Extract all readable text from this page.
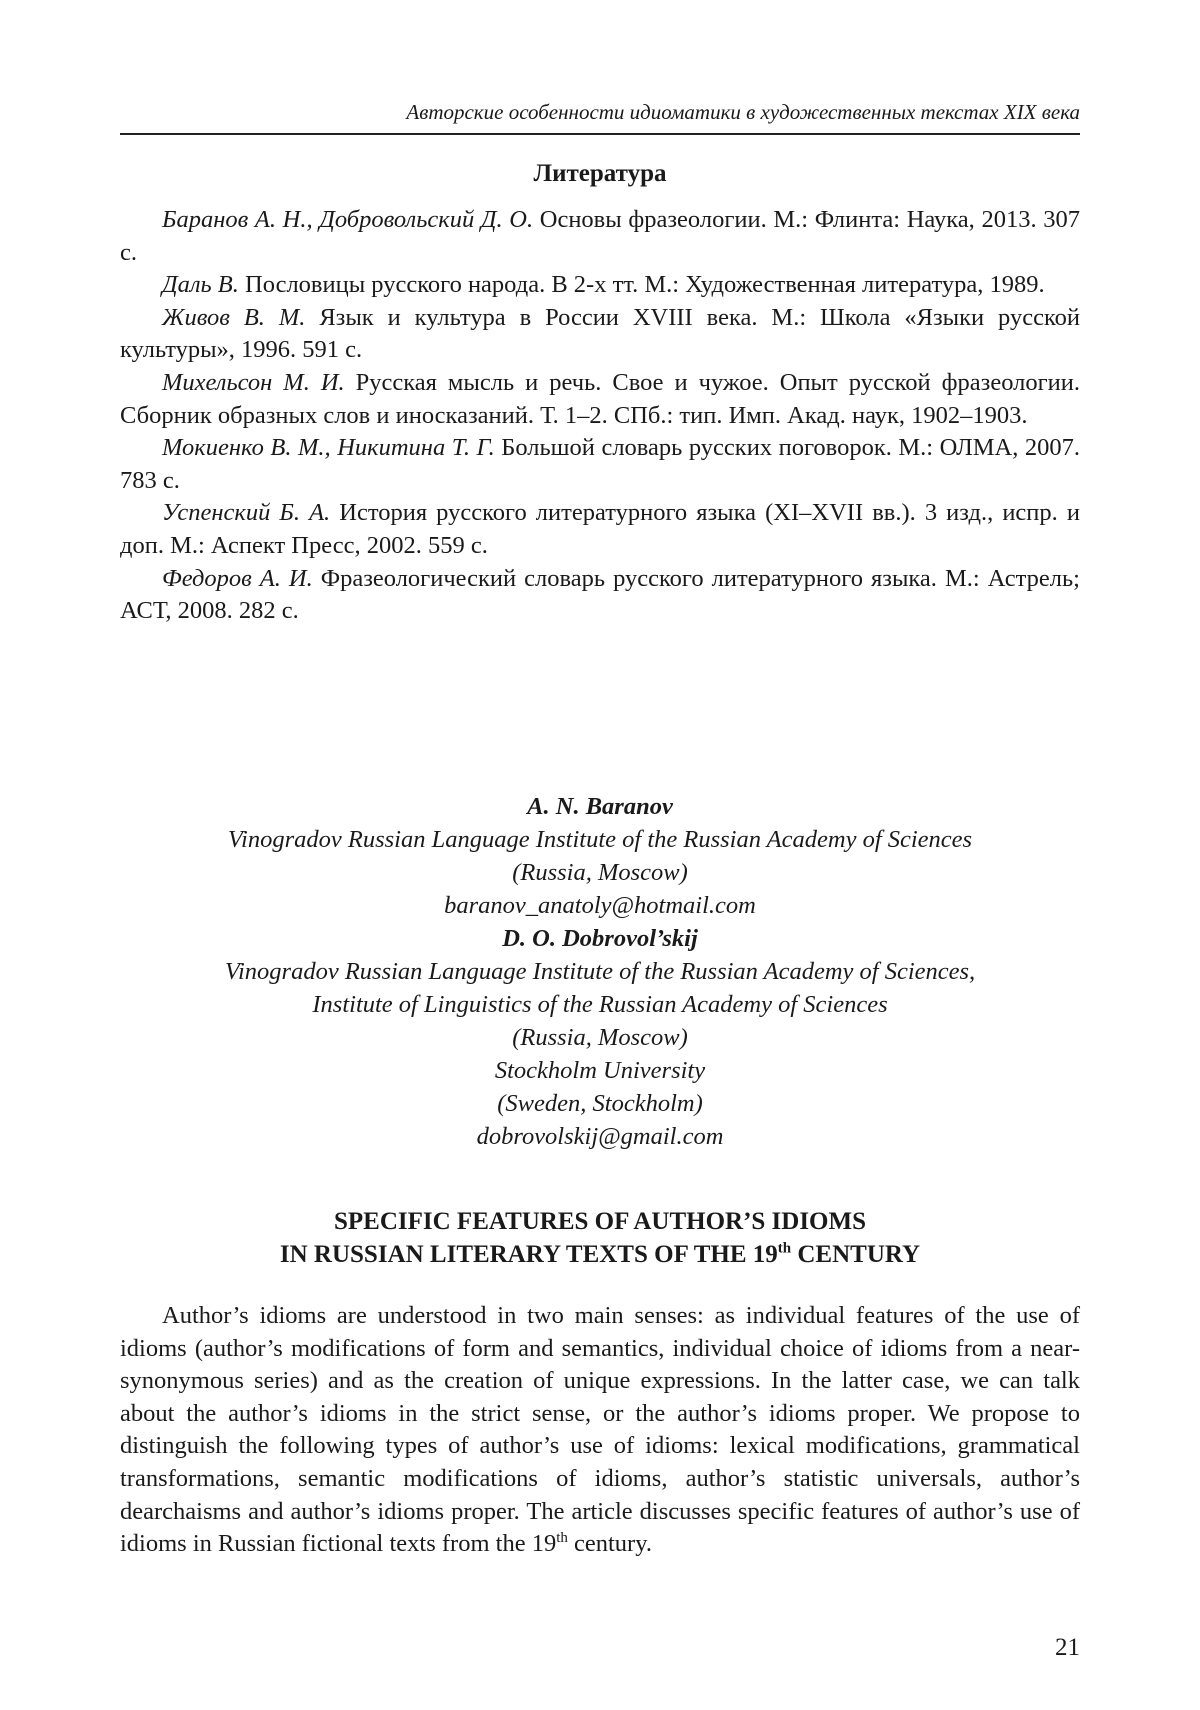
Авторские особенности идиоматики в художественных текстах XIX века
Литература

Баранов А. Н., Добровольский Д. О. Основы фразеологии. М.: Флинта: Наука, 2013. 307 с.

Даль В. Пословицы русского народа. В 2-х тт. М.: Художественная литература, 1989.

Живов В. М. Язык и культура в России XVIII века. М.: Школа «Языки русской культуры», 1996. 591 с.

Михельсон М. И. Русская мысль и речь. Свое и чужое. Опыт русской фразеологии. Сборник образных слов и иносказаний. Т. 1–2. СПб.: тип. Имп. Акад. наук, 1902–1903.

Мокиенко В. М., Никитина Т. Г. Большой словарь русских поговорок. М.: ОЛМА, 2007. 783 с.

Успенский Б. А. История русского литературного языка (XI–XVII вв.). 3 изд., испр. и доп. М.: Аспект Пресс, 2002. 559 с.

Федоров А. И. Фразеологический словарь русского литературного языка. М.: Астрель; АСТ, 2008. 282 с.

A. N. Baranov
Vinogradov Russian Language Institute of the Russian Academy of Sciences
(Russia, Moscow)
baranov_anatoly@hotmail.com
D. O. Dobrovol’skij
Vinogradov Russian Language Institute of the Russian Academy of Sciences,
Institute of Linguistics of the Russian Academy of Sciences
(Russia, Moscow)
Stockholm University
(Sweden, Stockholm)
dobrovolskij@gmail.com
SPECIFIC FEATURES OF AUTHOR’S IDIOMS
IN RUSSIAN LITERARY TEXTS OF THE 19th CENTURY

Author’s idioms are understood in two main senses: as individual features of the use of idioms (author’s modifications of form and semantics, individual choice of idioms from a near-synonymous series) and as the creation of unique expressions. In the latter case, we can talk about the author’s idioms in the strict sense, or the author’s idioms proper. We propose to distinguish the following types of author’s use of idioms: lexical modifications, grammatical transformations, semantic modifications of idioms, author’s statistic universals, author’s dearchaisms and author’s idioms proper. The article discusses specific features of author’s use of idioms in Russian fictional texts from the 19th century.

21
